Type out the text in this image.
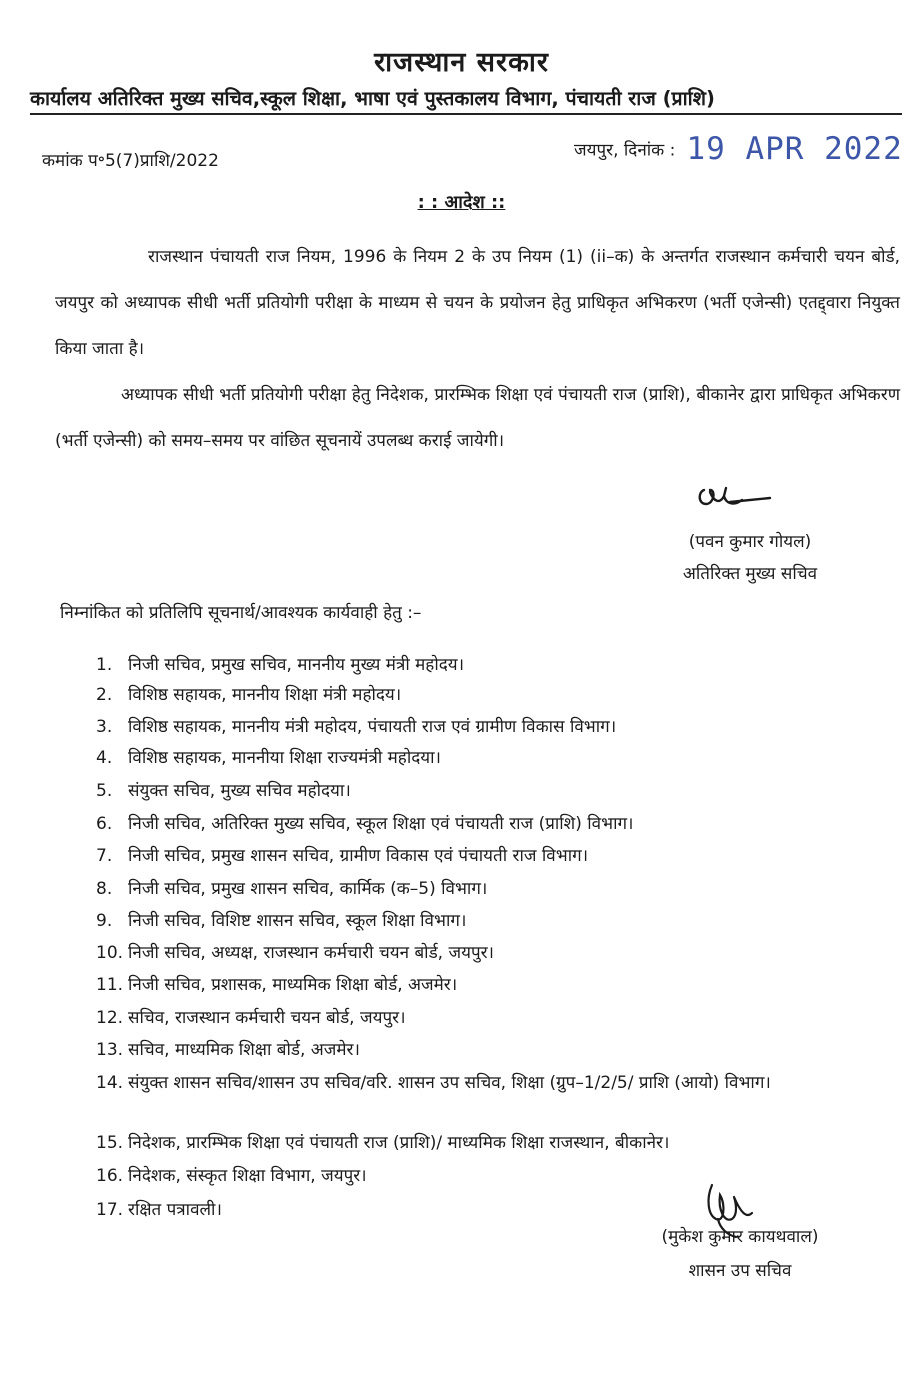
राजस्थान सरकार
कार्यालय अतिरिक्त मुख्य सचिव,स्कूल शिक्षा, भाषा एवं पुस्तकालय विभाग, पंचायती राज (प्राशि)
कमांक प॰5(7)प्राशि/2022
जयपुर, दिनांक : 19 APR 2022
: : आदेश ::

राजस्थान पंचायती राज नियम, 1996 के नियम 2 के उप नियम (1) (ii–क) के अन्तर्गत राजस्थान कर्मचारी चयन बोर्ड, जयपुर को अध्यापक सीधी भर्ती प्रतियोगी परीक्षा के माध्यम से चयन के प्रयोजन हेतु प्राधिकृत अभिकरण (भर्ती एजेन्सी) एतद्द्वारा नियुक्त किया जाता है।

अध्यापक सीधी भर्ती प्रतियोगी परीक्षा हेतु निदेशक, प्रारम्भिक शिक्षा एवं पंचायती राज (प्राशि), बीकानेर द्वारा प्राधिकृत अभिकरण (भर्ती एजेन्सी) को समय–समय पर वांछित सूचनायें उपलब्ध कराई जायेगी।

(पवन कुमार गोयल)
अतिरिक्त मुख्य सचिव
निम्नांकित को प्रतिलिपि सूचनार्थ/आवश्यक कार्यवाही हेतु :–
1. निजी सचिव, प्रमुख सचिव, माननीय मुख्य मंत्री महोदय।
2. विशिष्ठ सहायक, माननीय शिक्षा मंत्री महोदय।
3. विशिष्ठ सहायक, माननीय मंत्री महोदय, पंचायती राज एवं ग्रामीण विकास विभाग।
4. विशिष्ठ सहायक, माननीया शिक्षा राज्यमंत्री महोदया।
5. संयुक्त सचिव, मुख्य सचिव महोदया।
6. निजी सचिव, अतिरिक्त मुख्य सचिव, स्कूल शिक्षा एवं पंचायती राज (प्राशि) विभाग।
7. निजी सचिव, प्रमुख शासन सचिव, ग्रामीण विकास एवं पंचायती राज विभाग।
8. निजी सचिव, प्रमुख शासन सचिव, कार्मिक (क–5) विभाग।
9. निजी सचिव, विशिष्ट शासन सचिव, स्कूल शिक्षा विभाग।
10. निजी सचिव, अध्यक्ष, राजस्थान कर्मचारी चयन बोर्ड, जयपुर।
11. निजी सचिव, प्रशासक, माध्यमिक शिक्षा बोर्ड, अजमेर।
12. सचिव, राजस्थान कर्मचारी चयन बोर्ड, जयपुर।
13. सचिव, माध्यमिक शिक्षा बोर्ड, अजमेर।
14. संयुक्त शासन सचिव/शासन उप सचिव/वरि. शासन उप सचिव, शिक्षा (ग्रुप–1/2/5/ प्राशि (आयो) विभाग।
15. निदेशक, प्रारम्भिक शिक्षा एवं पंचायती राज (प्राशि)/ माध्यमिक शिक्षा राजस्थान, बीकानेर।
16. निदेशक, संस्कृत शिक्षा विभाग, जयपुर।
17. रक्षित पत्रावली।
(मुकेश कुमार कायथवाल)
शासन उप सचिव
